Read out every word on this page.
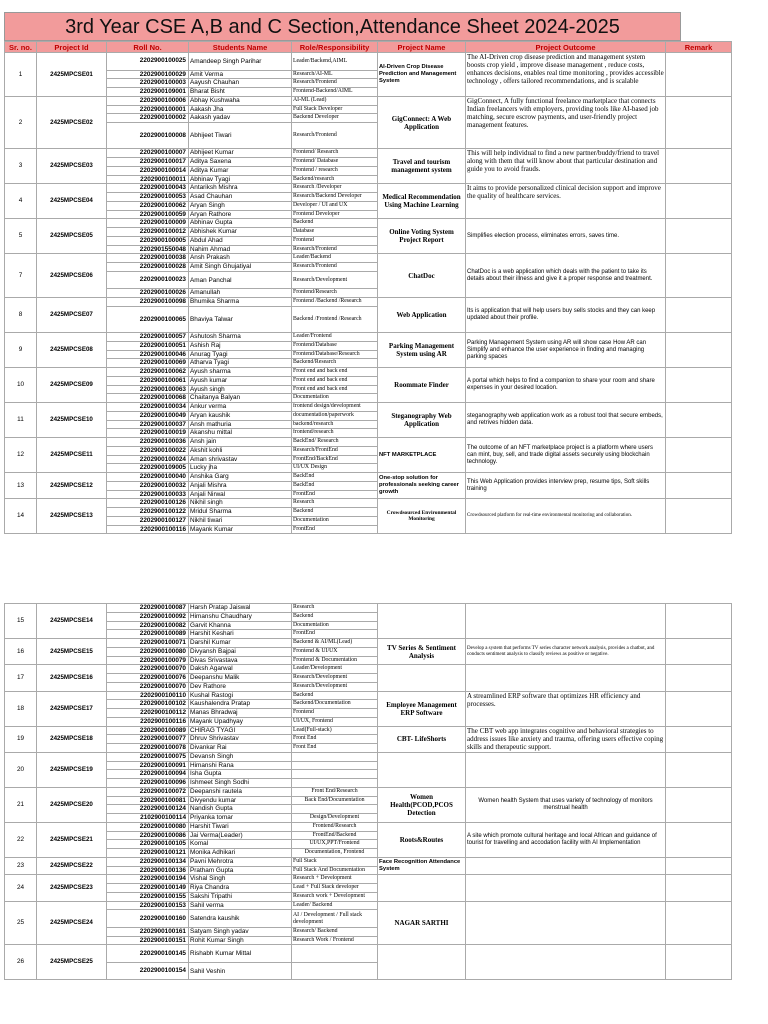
3rd Year CSE A,B and C Section,Attendance Sheet 2024-2025
Sr. no.	Project Id	Roll No.	Students Name	Role/Responsibility	Project Name	Project Outcome	Remark
1	2425MPCSE01	2202900100025	Amandeep Singh Parihar	Leader/Backend,AIML	AI-Driven Crop Disease Prediction and Management System	The AI-Driven crop disease prediction and management system boosts crop yield , improve disease management , reduce costs, enhances decisions, enables real time monitoring , provides accessible technology , offers tailored recommendations, and is scalable	
		2202900100029	Amit Verma	Research/AI-ML			
		2202900100003	Aayush Chauhan	Research/Frontend			
		2202900109001	Bharat Bisht	Frontend-Backend/AIML			
2	2425MPCSE02	2202900100006	Abhay Kushwaha	AI-ML (Lead)	GigConnect: A Web Application	GigConnect, A fully functional freelance marketplace that connects Indian freelancers with employers, providing tools like AI-based job matching, secure escrow payments, and user-friendly project management features.	
		2202900100001	Aakash Jha	Full Stack Developer			
		2202900100002	Aakash yadav	Backend Developer			
		2202900100008	Abhijeet Tiwari	Research/Frontend			
3	2425MPCSE03	2202900100007	Abhijeet Kumar	Frontend/ Research	Travel and tourism management system	This will help individual to find a new partner/buddy/friend to travel along with them that will know about that particular destination and guide you to avoid frauds.	
		2202900100017	Aditya Saxena	Frontend/ Database			
		2202900100014	Aditya Kumar	Frontend / research			
		2202900100011	Abhinav Tyagi	Backend/research			
4	2425MPCSE04	2202900100043	Antariksh Mishra	Research /Developer	Medical Recommendation Using Machine Learning	It aims to provide personalized clinical decision support and improve the quality of healthcare services.	
		2202900100053	Asad Chauhan	Research/Backend Developer			
		2202900100062	Aryan Singh	Developer / UI and UX			
		2202900100059	Aryan Rathore	Frontend Developer			
5	2425MPCSE05	2202900100009	Abhinav Gupta	Backend	Online Voting System Project Report	Simplifies election process, eliminates errors, saves time.	
		2202900100012	Abhishek Kumar	Database			
		2202900100005	Abdul Ahad	Frontend			
		2202901550048	Nahim Ahmad	Research/Frontend			
7	2425MPCSE06	2202900100038	Ansh Prakash	Leader/Backend	ChatDoc	ChatDoc is a web application which deals with the patient to take its details about their illness and give it a proper response and treatment.	
		2202900100028	Amit Singh Ghujatiyal	Research/Frontend			
		2202900100023	Aman Panchal	Research/Development			
		2202900100026	Amanullah	Frontend/Research			
8	2425MPCSE07	2202900100098	Bhumika Sharma	Frontend /Backend /Research	Web Application	Its is application that will help users buy sells stocks and they can keep updated about their profile.	
		2202900100065	Bhaviya Talwar	Backend /Frontend /Research			
9	2425MPCSE08	2202900100057	Ashutosh Sharma	Leader/Frontend	Parking Management System using AR	Parking Management System using AR will show case How AR can Simplify and enhance the user experience in finding and managing parking spaces	
		2202900100051	Ashish Raj	Frontend/Database			
		2202900100046	Anurag Tyagi	Frontend/Database/Research			
		2202900100069	Atharva Tyagi	Backend/Research			
10	2425MPCSE09	2202900100062	Ayush sharma	Front end and back end	Roommate Finder	A portal which helps to find a companion to share your room and share expenses in your desired location.	
		2202900100061	Ayush kumar	Front end and back end			
		2202900100063	Ayush singh	Front end and back end			
		2202900100068	Chaitanya Balyan	Documentation			
11	2425MPCSE10	2202900100034	Ankur verma	frontend design/development	Steganography Web Application	steganography web application work as a robust tool that secure embeds, and retrives hidden data.	
		2202900100049	Aryan kaushik	documentation/paperwork			
		2202900100037	Ansh mathuria	backend/research			
		2202900100019	Akanshu mittal	frontend/research			
12	2425MPCSE11	2202900100036	Ansh jain	BackEnd/ Research	NFT MARKETPLACE	The outcome of an NFT marketplace project is a platform where users can mint, buy, sell, and trade digital assets securely using blockchain technology.	
		2202900100022	Akshit kohli	Research/FrontEnd			
		2202900100024	Aman shrivastav	FrontEnd/BackEnd			
		2202900109005	Lucky jha	UI/UX Design			
13	2425MPCSE12	2202900100040	Anshika Garg	BackEnd	One-stop solution for professionals seeking career growth	This Web Application provides interview prep, resume tips, Soft skills training	
		2202900100032	Anjali Mishra	BackEnd			
		2202900100033	Anjali Nirwal	FrontEnd			
14	2425MPCSE13	2202900100126	Nikhil singh	Research	Crowdsourced Environmental Monitoring	Crowdsourced platform for real-time environmental monitoring and collaboration.	
		2202900100122	Mridul Sharma	Backend			
		2202900100127	Nikhil tiwari	Documentation			
		2202900100116	Mayank Kumar	FrontEnd			
15	2425MPCSE14	2202900100087	Harsh Pratap Jaiswal	Research			
		2202900100092	Himanshu Chaudhary	Backend			
		2202900100082	Garvit Khanna	Documentation			
		2202900100089	Harshit Keshari	FrontEnd			
16	2425MPCSE15	2202900100071	Darshil Kumar	Backend & AI/ML(Lead)	TV Series & Sentiment Analysis	Develop a system that performs TV series character network analysis, provides a chatbot, and conducts sentiment analysis to classify reviews as positive or negative.	
		2202900100080	Divyansh Bajpai	Frontend & UI/UX			
		2202900100079	Divas Srivastava	Frontend & Documentation			
17	2425MPCSE16	2202900100070	Daksh Agarwal	Leader/Development			
		2202900100076	Deepanshu Malik	Research/Development			
		2202900100070	Dev Rathore	Research/Development			
18	2425MPCSE17	2202900100110	Kushal Rastogi	Backend	Employee Management ERP Software	A streamlined ERP software that optimizes HR efficiency and processes.	
		2202900100102	Kaushalendra Pratap	Backend/Documentation			
		2202900100112	Manas Bhradwaj	Frontend			
		2202900100116	Mayank Upadhyay	UI/UX, Frontend			
19	2425MPCSE18	2202900100089	CHIRAG TYAGI	Lead(Full-stack)	CBT- LifeShorts	The CBT web app integrates cognitive and behavioral strategies to address issues like anxiety and trauma, offering users effective coping skills and therapeutic support.	
		2202900100077	Dhruv Shrivastav	Front End			
		2202900100078	Divankar Rai	Front End			
20	2425MPCSE19	2202900100075	Devansh Singh				
		2202900100091	Himanshi Rana				
		2202900100094	Isha Gupta				
		2202900100096	Ishmeet Singh Sodhi				
21	2425MPCSE20	2202900100072	Deepanshi rautela	Front End/Research	Women Health(PCOD,PCOS Detection	Women health System that uses variety of technology of monitors menstrual health	
		2202900100081	Divyendu kumar	Back End/Documentation			
		2202900100124	Nandish Gupta				
		2102900100114	Priyanka tomar	Design/Development			
22	2425MPCSE21	2202900100080	Harshit Tiwari	Frontend/Research	Roots&Routes	A site which promote cultural heritage and local African and guidance of tourist for travelling and accodation facility with AI Implementation	
		2202900100086	Jai Verma(Leader)	FrontEnd/Backend			
		2202900100105	Komal	UI/UX,PPT/Frontend			
		2202900100121	Monika Adhikari	Documentation, Frontend			
23	2425MPCSE22	2202900100134	Pavni Mehrotra	Full Stack	Face Recognition Attendance System		
		2202900100136	Pratham Gupta	Full Stack And Documentation			
24	2425MPCSE23	2202900100194	Vishal Singh	Research + Development			
		2202900100149	Riya Chandra	Lead + Full Stack developer			
		2202900100155	Sakshi Tripathi	Research work + Development			
25	2425MPCSE24	2202900100153	Sahil verma	Leader/ Backend	NAGAR SARTHI		
		2202900100160	Satendra kaushik	AI / Development / Full stack development			
		2202900100161	Satyam Singh yadav	Research/ Backend			
		2202900100151	Rohit Kumar Singh	Research Work / Frontend			
26	2425MPCSE25	2202900100145	Rishabh Kumar Mittal				
		2202900100154	Sahil Veshin				
